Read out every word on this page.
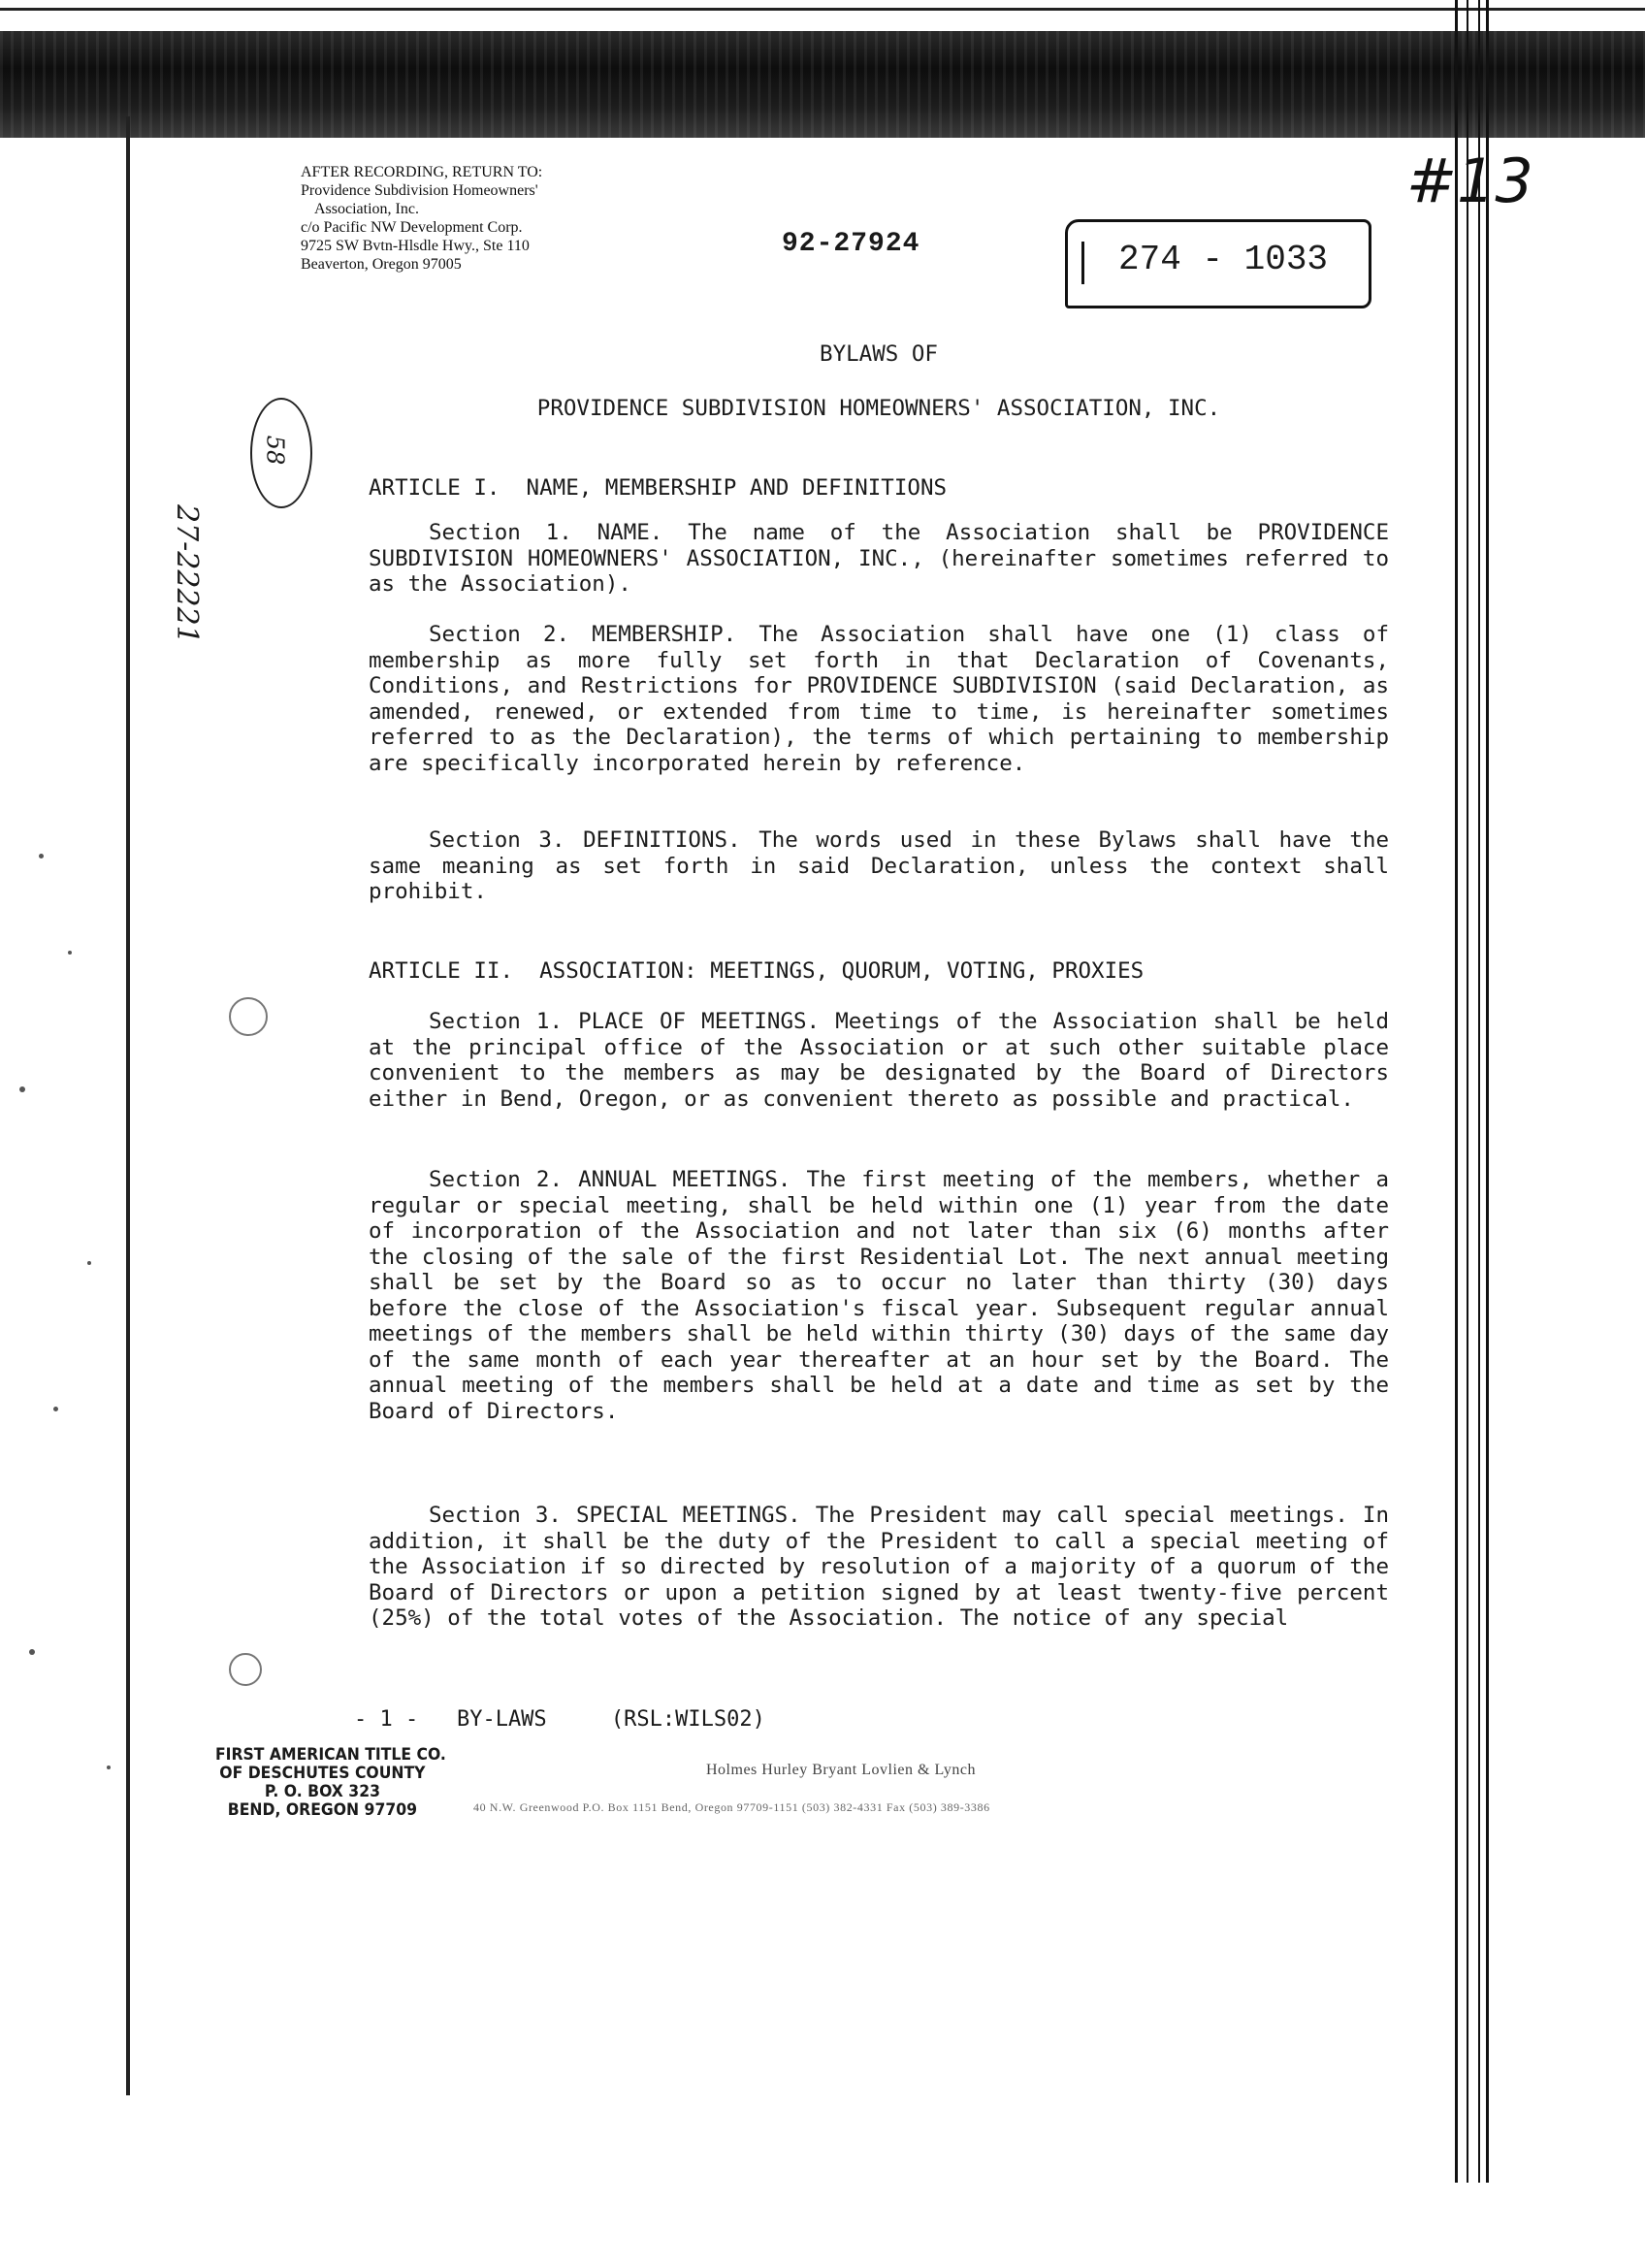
AFTER RECORDING, RETURN TO:
Providence Subdivision Homeowners'
Association, Inc.
c/o Pacific NW Development Corp.
9725 SW Bvtn-Hlsdle Hwy., Ste 110
Beaverton, Oregon 97005
92-27924	274 - 1033
#13
58
27-22221
BYLAWS OF
PROVIDENCE SUBDIVISION HOMEOWNERS' ASSOCIATION, INC.
ARTICLE I.  NAME, MEMBERSHIP AND DEFINITIONS
Section 1. NAME. The name of the Association shall be PROVIDENCE SUBDIVISION HOMEOWNERS' ASSOCIATION, INC., (hereinafter sometimes referred to as the Association).
Section 2. MEMBERSHIP. The Association shall have one (1) class of membership as more fully set forth in that Declaration of Covenants, Conditions, and Restrictions for PROVIDENCE SUBDIVISION (said Declaration, as amended, renewed, or extended from time to time, is hereinafter sometimes referred to as the Declaration), the terms of which pertaining to membership are specifically incorporated herein by reference.
Section 3. DEFINITIONS. The words used in these Bylaws shall have the same meaning as set forth in said Declaration, unless the context shall prohibit.
ARTICLE II.  ASSOCIATION: MEETINGS, QUORUM, VOTING, PROXIES
Section 1. PLACE OF MEETINGS. Meetings of the Association shall be held at the principal office of the Association or at such other suitable place convenient to the members as may be designated by the Board of Directors either in Bend, Oregon, or as convenient thereto as possible and practical.
Section 2. ANNUAL MEETINGS. The first meeting of the members, whether a regular or special meeting, shall be held within one (1) year from the date of incorporation of the Association and not later than six (6) months after the closing of the sale of the first Residential Lot. The next annual meeting shall be set by the Board so as to occur no later than thirty (30) days before the close of the Association's fiscal year. Subsequent regular annual meetings of the members shall be held within thirty (30) days of the same day of the same month of each year thereafter at an hour set by the Board. The annual meeting of the members shall be held at a date and time as set by the Board of Directors.
Section 3. SPECIAL MEETINGS. The President may call special meetings. In addition, it shall be the duty of the President to call a special meeting of the Association if so directed by resolution of a majority of a quorum of the Board of Directors or upon a petition signed by at least twenty-five percent (25%) of the total votes of the Association. The notice of any special
- 1 -   BY-LAWS     (RSL:WILS02)
FIRST AMERICAN TITLE CO.
OF DESCHUTES COUNTY
P. O. BOX 323
BEND, OREGON 97709
Holmes Hurley Bryant Lovlien & Lynch
40 N.W. Greenwood P.O. Box 1151 Bend, Oregon 97709-1151 (503) 382-4331 Fax (503) 389-3386
